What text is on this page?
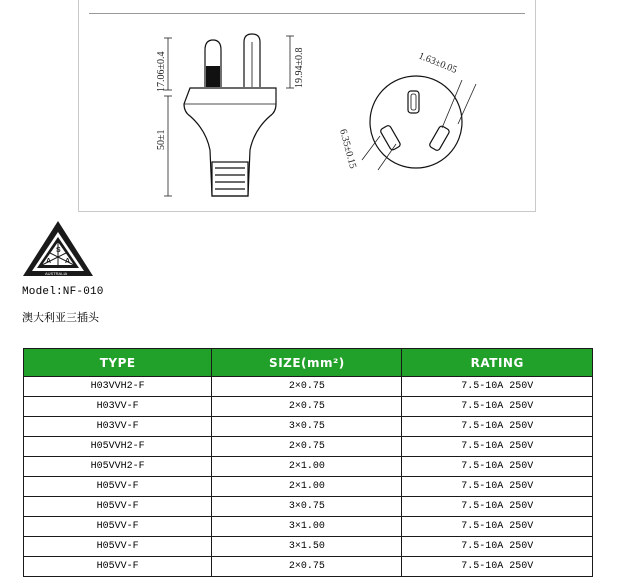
17.06±0.4
50±1
19.94±0.8	1.63±0.05
6.35±0.15
S
A A
AUSTRALIA
Model:NF-010
澳大利亚三插头
TYPE	SIZE(mm²)	RATING
H03VVH2-F	2×0.75	7.5-10A 250V
H03VV-F	2×0.75	7.5-10A 250V
H03VV-F	3×0.75	7.5-10A 250V
H05VVH2-F	2×0.75	7.5-10A 250V
H05VVH2-F	2×1.00	7.5-10A 250V
H05VV-F	2×1.00	7.5-10A 250V
H05VV-F	3×0.75	7.5-10A 250V
H05VV-F	3×1.00	7.5-10A 250V
H05VV-F	3×1.50	7.5-10A 250V
H05VV-F	2×0.75	7.5-10A 250V
